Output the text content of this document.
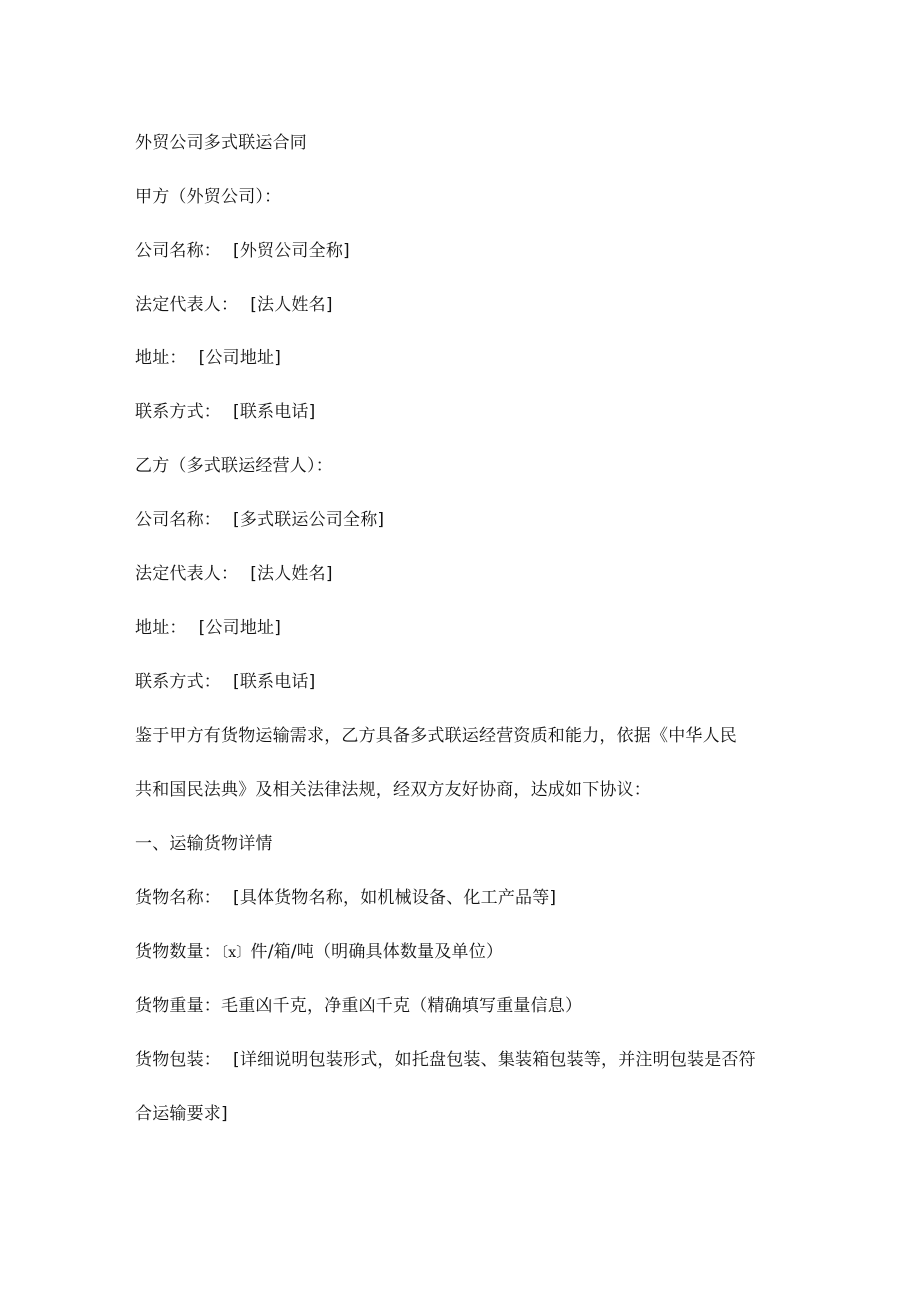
外贸公司多式联运合同
甲方（外贸公司）：
公司名称： [外贸公司全称]
法定代表人： [法人姓名]
地址： [公司地址]
联系方式： [联系电话]
乙方（多式联运经营人）：
公司名称： [多式联运公司全称]
法定代表人： [法人姓名]
地址： [公司地址]
联系方式： [联系电话]
鉴于甲方有货物运输需求，乙方具备多式联运经营资质和能力，依据《中华人民
共和国民法典》及相关法律法规，经双方友好协商，达成如下协议：
一、运输货物详情
货物名称： [具体货物名称，如机械设备、化工产品等]
货物数量：〔x〕件/箱/吨（明确具体数量及单位）
货物重量：毛重凶千克，净重凶千克（精确填写重量信息）
货物包装： [详细说明包装形式，如托盘包装、集装箱包装等，并注明包装是否符
合运输要求]
